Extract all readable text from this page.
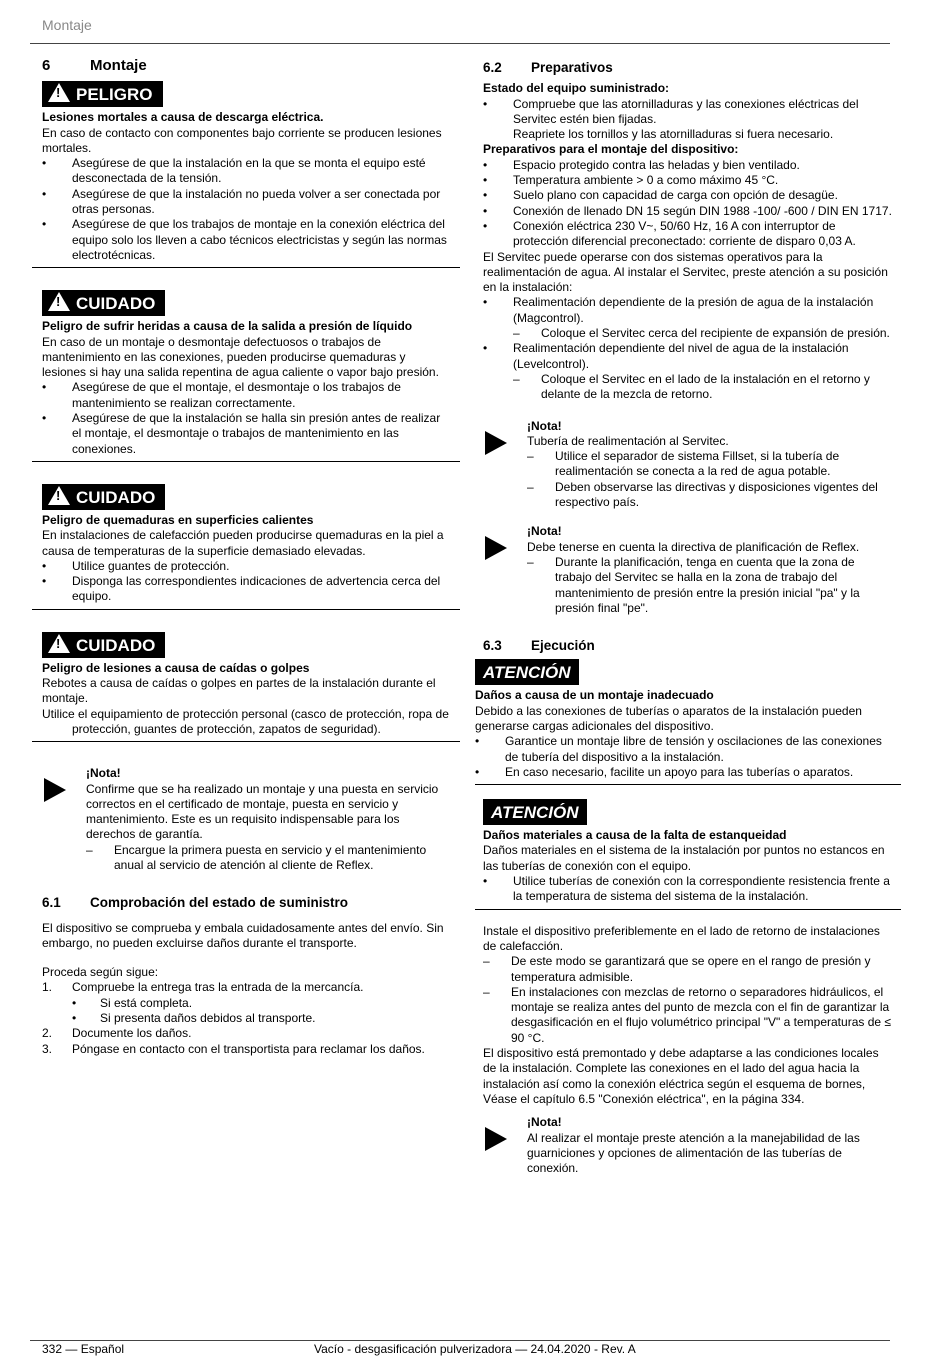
Montaje
6	Montaje
!PELIGRO
Lesiones mortales a causa de descarga eléctrica.

En caso de contacto con componentes bajo corriente se producen lesiones mortales.

• Asegúrese de que la instalación en la que se monta el equipo esté desconectada de la tensión.
• Asegúrese de que la instalación no pueda volver a ser conectada por otras personas.
• Asegúrese de que los trabajos de montaje en la conexión eléctrica del equipo solo los lleven a cabo técnicos electricistas y según las normas electrotécnicas.
!CUIDADO
Peligro de sufrir heridas a causa de la salida a presión de líquido

En caso de un montaje o desmontaje defectuosos o trabajos de mantenimiento en las conexiones, pueden producirse quemaduras y lesiones si hay una salida repentina de agua caliente o vapor bajo presión.

• Asegúrese de que el montaje, el desmontaje o los trabajos de mantenimiento se realizan correctamente.
• Asegúrese de que la instalación se halla sin presión antes de realizar el montaje, el desmontaje o trabajos de mantenimiento en las conexiones.
!CUIDADO
Peligro de quemaduras en superficies calientes

En instalaciones de calefacción pueden producirse quemaduras en la piel a causa de temperaturas de la superficie demasiado elevadas.

• Utilice guantes de protección.
• Disponga las correspondientes indicaciones de advertencia cerca del equipo.
!CUIDADO
Peligro de lesiones a causa de caídas o golpes

Rebotes a causa de caídas o golpes en partes de la instalación durante el montaje.

Utilice el equipamiento de protección personal (casco de protección, ropa de protección, guantes de protección, zapatos de seguridad).

¡Nota!

Confirme que se ha realizado un montaje y una puesta en servicio correctos en el certificado de montaje, puesta en servicio y mantenimiento. Este es un requisito indispensable para los derechos de garantía.

– Encargue la primera puesta en servicio y el mantenimiento anual al servicio de atención al cliente de Reflex.
6.1 Comprobación del estado de suministro

El dispositivo se comprueba y embala cuidadosamente antes del envío. Sin embargo, no pueden excluirse daños durante el transporte.

Proceda según sigue:

1. Compruebe la entrega tras la entrada de la mercancía.
• Si está completa.
• Si presenta daños debidos al transporte.
2. Documente los daños.
3. Póngase en contacto con el transportista para reclamar los daños.
6.2 Preparativos
Estado del equipo suministrado:
• Compruebe que las atornilladuras y las conexiones eléctricas del Servitec estén bien fijadas.
Reapriete los tornillos y las atornilladuras si fuera necesario.
Preparativos para el montaje del dispositivo:
• Espacio protegido contra las heladas y bien ventilado.
• Temperatura ambiente > 0 a como máximo 45 °C.
• Suelo plano con capacidad de carga con opción de desagüe.
• Conexión de llenado DN 15 según DIN 1988 -100/ -600 / DIN EN 1717.
• Conexión eléctrica 230 V~, 50/60 Hz, 16 A con interruptor de protección diferencial preconectado: corriente de disparo 0,03 A.

El Servitec puede operarse con dos sistemas operativos para la realimentación de agua. Al instalar el Servitec, preste atención a su posición en la instalación:

• Realimentación dependiente de la presión de agua de la instalación (Magcontrol).
– Coloque el Servitec cerca del recipiente de expansión de presión.
• Realimentación dependiente del nivel de agua de la instalación (Levelcontrol).
– Coloque el Servitec en el lado de la instalación en el retorno y delante de la mezcla de retorno.
¡Nota!

Tubería de realimentación al Servitec.

– Utilice el separador de sistema Fillset, si la tubería de realimentación se conecta a la red de agua potable.
– Deben observarse las directivas y disposiciones vigentes del respectivo país.
¡Nota!

Debe tenerse en cuenta la directiva de planificación de Reflex.

– Durante la planificación, tenga en cuenta que la zona de trabajo del Servitec se halla en la zona de trabajo del mantenimiento de presión entre la presión inicial "pa" y la presión final "pe".
6.3 Ejecución
ATENCIÓN
Daños a causa de un montaje inadecuado

Debido a las conexiones de tuberías o aparatos de la instalación pueden generarse cargas adicionales del dispositivo.

• Garantice un montaje libre de tensión y oscilaciones de las conexiones de tubería del dispositivo a la instalación.
• En caso necesario, facilite un apoyo para las tuberías o aparatos.
ATENCIÓN
Daños materiales a causa de la falta de estanqueidad

Daños materiales en el sistema de la instalación por puntos no estancos en las tuberías de conexión con el equipo.

• Utilice tuberías de conexión con la correspondiente resistencia frente a la temperatura de sistema del sistema de la instalación.

Instale el dispositivo preferiblemente en el lado de retorno de instalaciones de calefacción.

– De este modo se garantizará que se opere en el rango de presión y temperatura admisible.
– En instalaciones con mezclas de retorno o separadores hidráulicos, el montaje se realiza antes del punto de mezcla con el fin de garantizar la desgasificación en el flujo volumétrico principal "V" a temperaturas de ≤ 90 °C.

El dispositivo está premontado y debe adaptarse a las condiciones locales de la instalación. Complete las conexiones en el lado del agua hacia la instalación así como la conexión eléctrica según el esquema de bornes, Véase el capítulo 6.5 "Conexión eléctrica", en la página 334.

¡Nota!

Al realizar el montaje preste atención a la manejabilidad de las guarniciones y opciones de alimentación de las tuberías de conexión.

332 — Español	Vacío - desgasificación pulverizadora — 24.04.2020 - Rev. A
